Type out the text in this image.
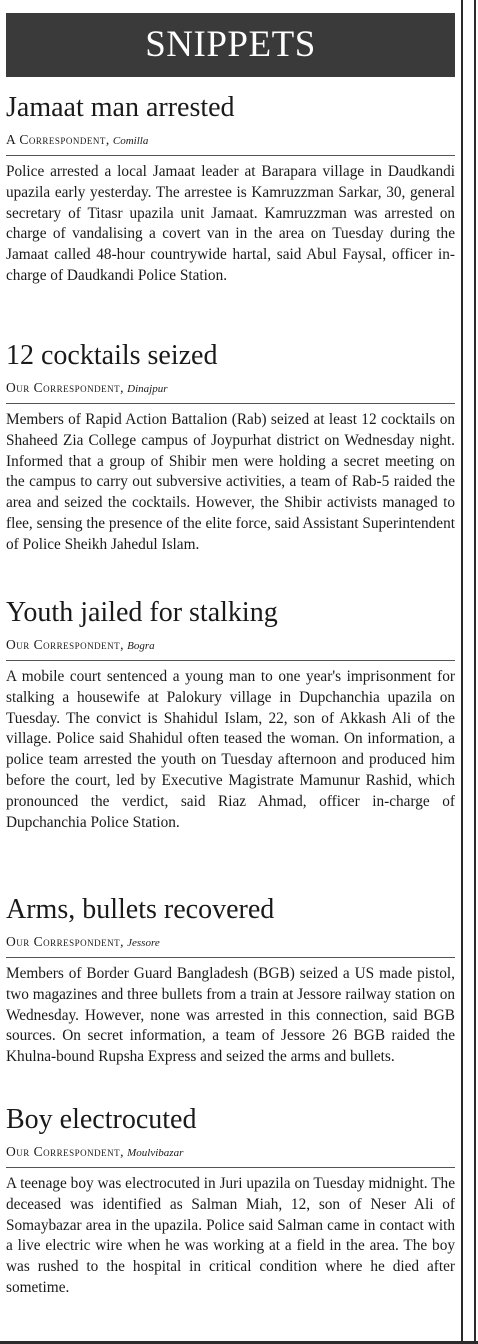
SNIPPETS
Jamaat man arrested
A Correspondent, Comilla

Police arrested a local Jamaat leader at Barapara village in Daudkandi upazila early yesterday. The arrestee is Kamruzzman Sarkar, 30, general secretary of Titasr upazila unit Jamaat. Kamruzzman was arrested on charge of vandalising a covert van in the area on Tuesday during the Jamaat called 48-hour countrywide hartal, said Abul Faysal, officer in-charge of Daudkandi Police Station.

12 cocktails seized
Our Correspondent, Dinajpur

Members of Rapid Action Battalion (Rab) seized at least 12 cocktails on Shaheed Zia College campus of Joypurhat district on Wednesday night. Informed that a group of Shibir men were holding a secret meeting on the campus to carry out subversive activities, a team of Rab-5 raided the area and seized the cocktails. However, the Shibir activists managed to flee, sensing the presence of the elite force, said Assistant Superintendent of Police Sheikh Jahedul Islam.

Youth jailed for stalking
Our Correspondent, Bogra

A mobile court sentenced a young man to one year's imprisonment for stalking a housewife at Palokury village in Dupchanchia upazila on Tuesday. The convict is Shahidul Islam, 22, son of Akkash Ali of the village. Police said Shahidul often teased the woman. On information, a police team arrested the youth on Tuesday afternoon and produced him before the court, led by Executive Magistrate Mamunur Rashid, which pronounced the verdict, said Riaz Ahmad, officer in-charge of Dupchanchia Police Station.

Arms, bullets recovered
Our Correspondent, Jessore

Members of Border Guard Bangladesh (BGB) seized a US made pistol, two magazines and three bullets from a train at Jessore railway station on Wednesday. However, none was arrested in this connection, said BGB sources. On secret information, a team of Jessore 26 BGB raided the Khulna-bound Rupsha Express and seized the arms and bullets.

Boy electrocuted
Our Correspondent, Moulvibazar

A teenage boy was electrocuted in Juri upazila on Tuesday midnight. The deceased was identified as Salman Miah, 12, son of Neser Ali of Somaybazar area in the upazila. Police said Salman came in contact with a live electric wire when he was working at a field in the area. The boy was rushed to the hospital in critical condition where he died after sometime.
